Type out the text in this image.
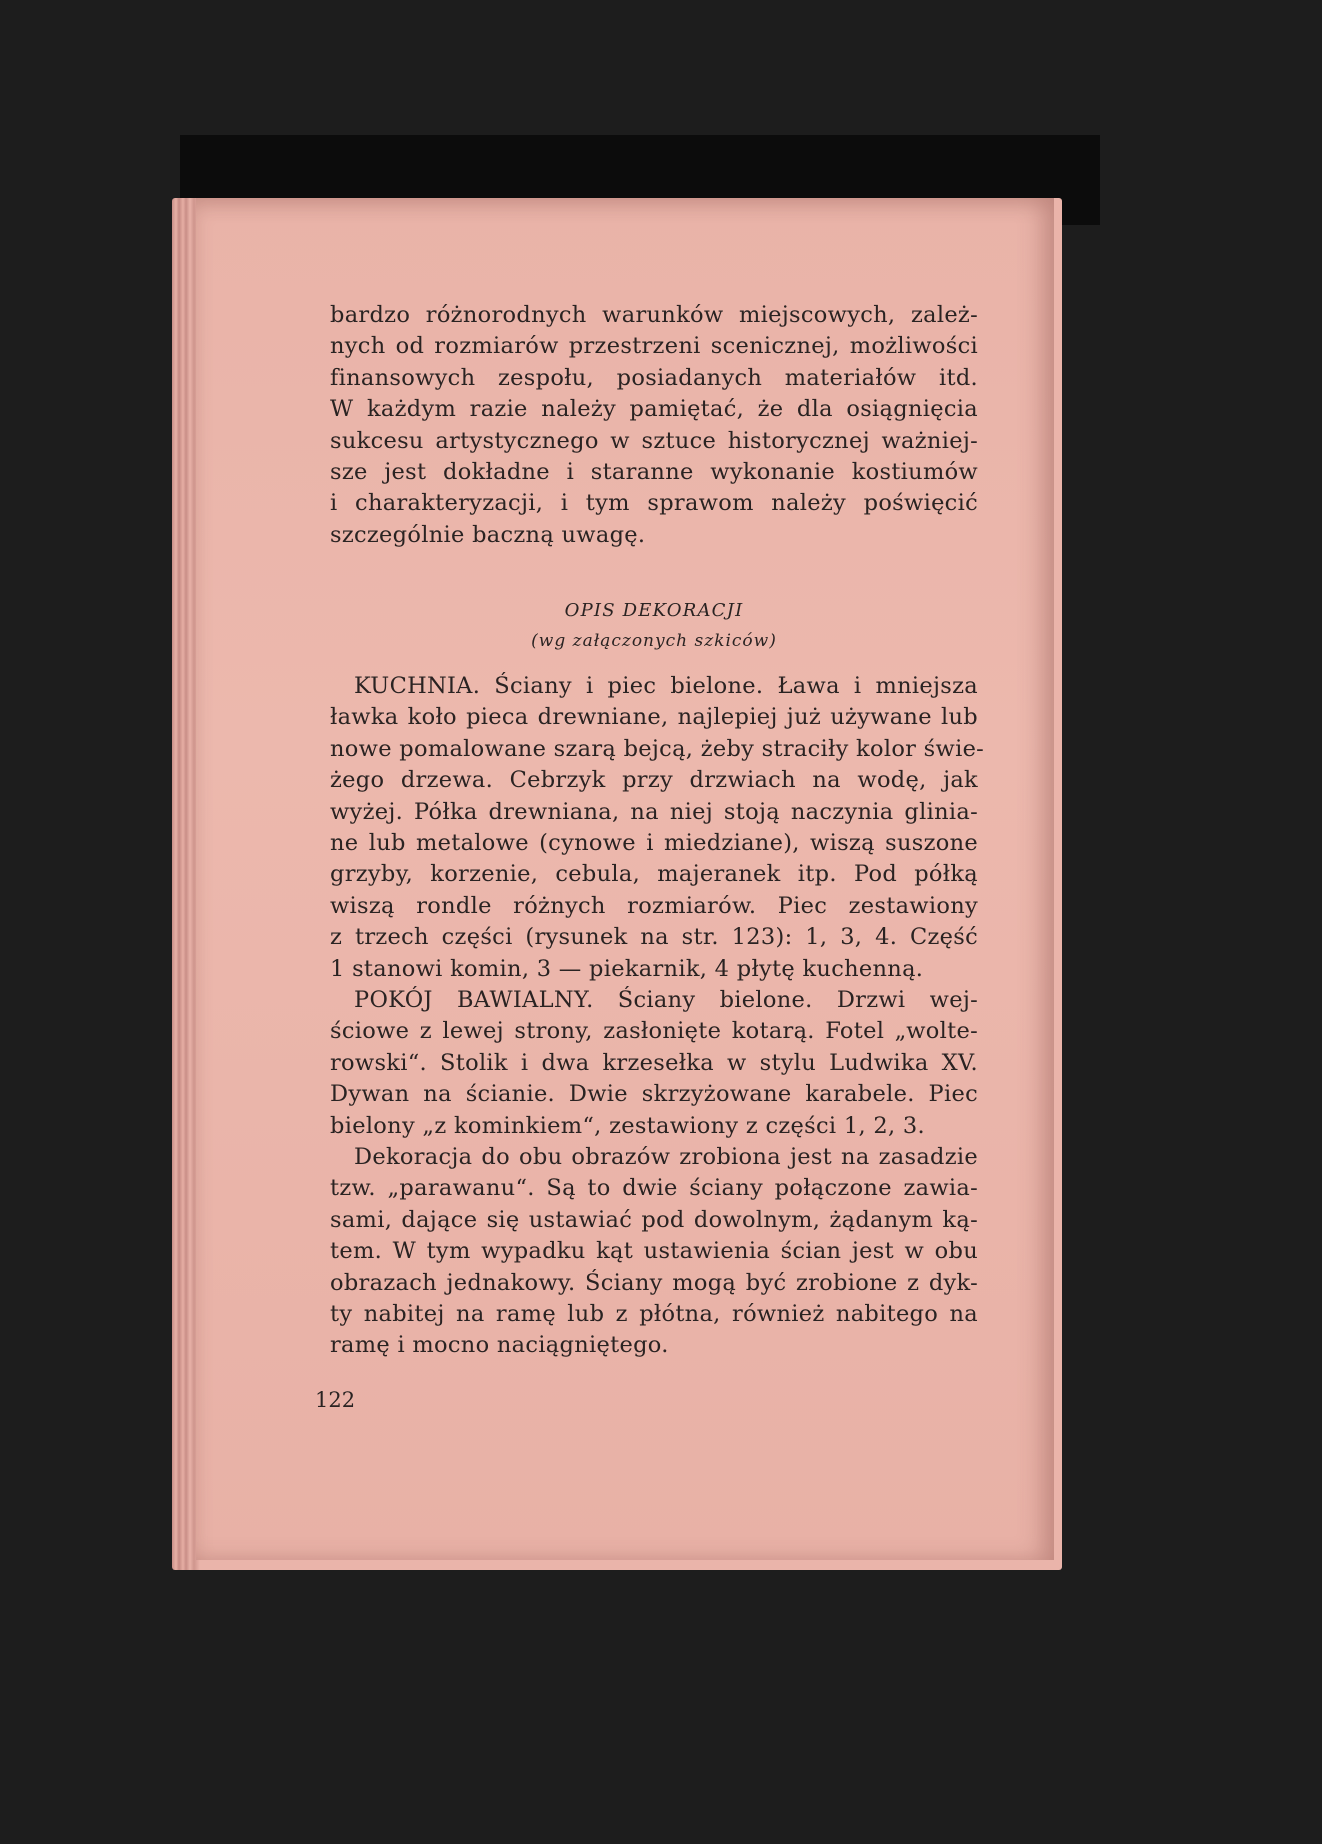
bardzo różnorodnych warunków miejscowych, zależ-
nych od rozmiarów przestrzeni scenicznej, możliwości
finansowych zespołu, posiadanych materiałów itd.
W każdym razie należy pamiętać, że dla osiągnięcia
sukcesu artystycznego w sztuce historycznej ważniej-
sze jest dokładne i staranne wykonanie kostiumów
i charakteryzacji, i tym sprawom należy poświęcić
szczególnie baczną uwagę.
OPIS DEKORACJI
(wg załączonych szkiców)
KUCHNIA. Ściany i piec bielone. Ława i mniejsza
ławka koło pieca drewniane, najlepiej już używane lub
nowe pomalowane szarą bejcą, żeby straciły kolor świe-
żego drzewa. Cebrzyk przy drzwiach na wodę, jak
wyżej. Półka drewniana, na niej stoją naczynia glinia-
ne lub metalowe (cynowe i miedziane), wiszą suszone
grzyby, korzenie, cebula, majeranek itp. Pod półką
wiszą rondle różnych rozmiarów. Piec zestawiony
z trzech części (rysunek na str. 123): 1, 3, 4. Część
1 stanowi komin, 3 — piekarnik, 4 płytę kuchenną.
POKÓJ BAWIALNY. Ściany bielone. Drzwi wej-
ściowe z lewej strony, zasłonięte kotarą. Fotel „wolte-
rowski“. Stolik i dwa krzesełka w stylu Ludwika XV.
Dywan na ścianie. Dwie skrzyżowane karabele. Piec
bielony „z kominkiem“, zestawiony z części 1, 2, 3.
Dekoracja do obu obrazów zrobiona jest na zasadzie
tzw. „parawanu“. Są to dwie ściany połączone zawia-
sami, dające się ustawiać pod dowolnym, żądanym ką-
tem. W tym wypadku kąt ustawienia ścian jest w obu
obrazach jednakowy. Ściany mogą być zrobione z dyk-
ty nabitej na ramę lub z płótna, również nabitego na
ramę i mocno naciągniętego.
122
